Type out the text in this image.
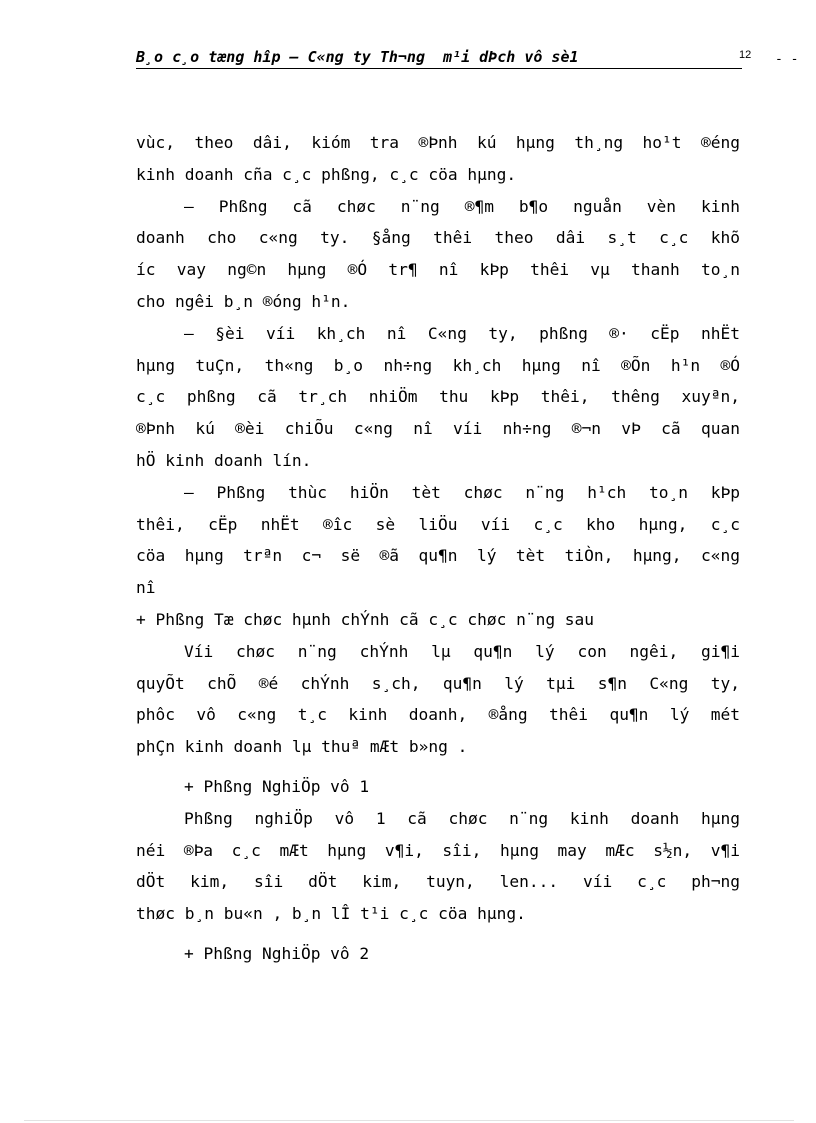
B¸o c¸o tæng hîp – C«ng ty Th¬ng  m¹i dÞch vô sè1	12 - -
vùc, theo dâi, kióm tra ®Þnh kú hµng th¸ng ho¹t ®éng
kinh doanh cña c¸c phßng, c¸c cöa hµng.
– Phßng cã chøc n¨ng ®¶m b¶o nguån vèn kinh
doanh cho c«ng ty. §ång thêi theo dâi s¸t c¸c khõ
íc vay ng©n hµng ®Ó tr¶ nî kÞp thêi vµ thanh to¸n
cho ngêi b¸n ®óng h¹n.
– §èi víi kh¸ch nî C«ng ty, phßng ®· cËp nhËt
hµng tuÇn, th«ng b¸o nh÷ng kh¸ch hµng nî ®Õn h¹n ®Ó
c¸c phßng cã tr¸ch nhiÖm thu kÞp thêi, thêng xuyªn,
®Þnh kú ®èi chiÕu c«ng nî víi nh÷ng ®¬n vÞ cã quan
hÖ kinh doanh lín.
– Phßng thùc hiÖn tèt chøc n¨ng h¹ch to¸n kÞp
thêi, cËp nhËt ®îc sè liÖu víi c¸c kho hµng, c¸c
cöa hµng trªn c¬ së ®ã qu¶n lý tèt tiÒn, hµng, c«ng
nî
+ Phßng Tæ chøc hµnh chÝnh cã c¸c chøc n¨ng sau
Víi chøc n¨ng chÝnh lµ qu¶n lý con ngêi, gi¶i
quyÕt chÕ ®é chÝnh s¸ch, qu¶n lý tµi s¶n C«ng ty,
phôc vô c«ng t¸c kinh doanh, ®ång thêi qu¶n lý mét
phÇn kinh doanh lµ thuª mÆt b»ng .
+ Phßng NghiÖp vô 1
Phßng nghiÖp vô 1 cã chøc n¨ng kinh doanh hµng
néi ®Þa c¸c mÆt hµng v¶i, sîi, hµng may mÆc s½n, v¶i
dÖt kim, sîi dÖt kim, tuyn, len... víi c¸c ph¬ng
thøc b¸n bu«n , b¸n lÎ t¹i c¸c cöa hµng.
+ Phßng NghiÖp vô 2
